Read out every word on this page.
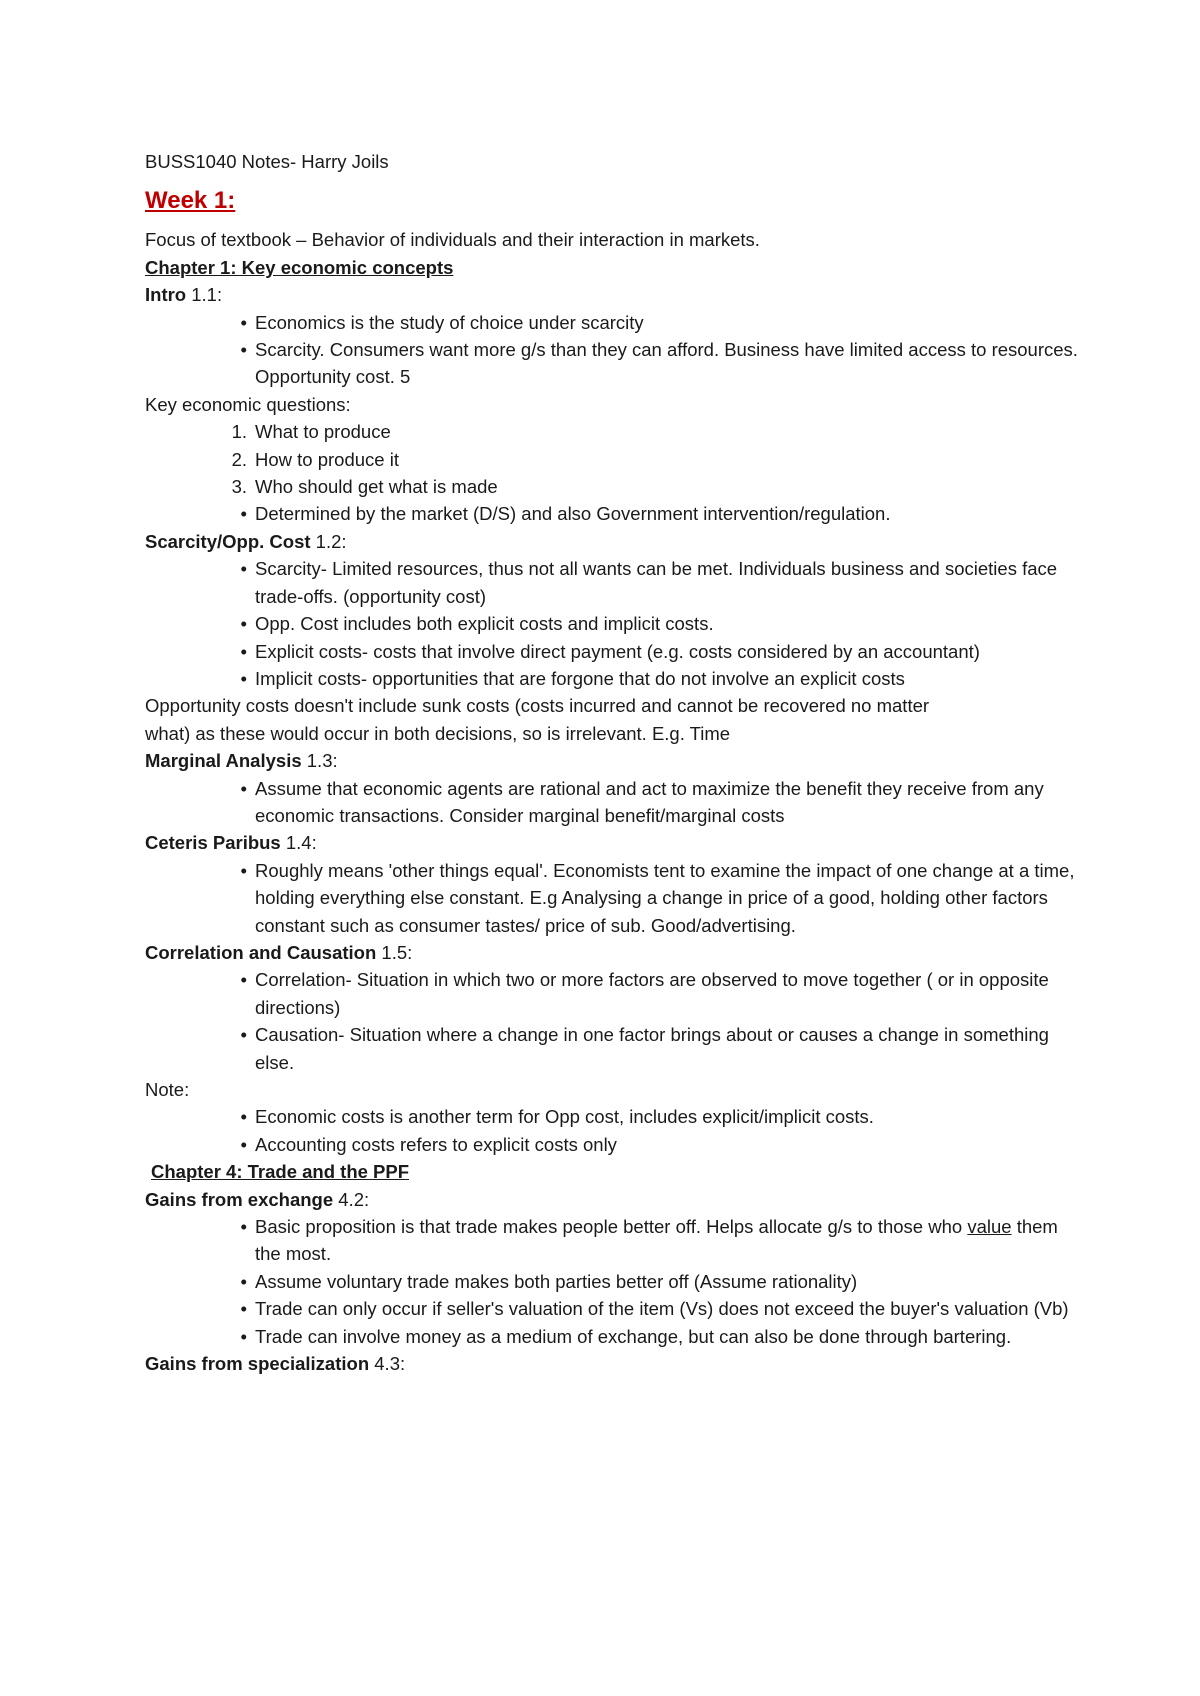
BUSS1040 Notes- Harry Joils

Week 1:

Focus of textbook – Behavior of individuals and their interaction in markets.

Chapter 1: Key economic concepts

Intro 1.1:

• Economics is the study of choice under scarcity
• Scarcity. Consumers want more g/s than they can afford. Business have limited access to resources. Opportunity cost. 5

Key economic questions:

1. What to produce
2. How to produce it
3. Who should get what is made
• Determined by the market (D/S) and also Government intervention/regulation.

Scarcity/Opp. Cost 1.2:

• Scarcity- Limited resources, thus not all wants can be met. Individuals business and societies face trade-offs. (opportunity cost)
• Opp. Cost includes both explicit costs and implicit costs.
• Explicit costs- costs that involve direct payment (e.g. costs considered by an accountant)
• Implicit costs- opportunities that are forgone that do not involve an explicit costs

Opportunity costs doesn't include sunk costs (costs incurred and cannot be recovered no matter

what) as these would occur in both decisions, so is irrelevant. E.g. Time

Marginal Analysis 1.3:

• Assume that economic agents are rational and act to maximize the benefit they receive from any economic transactions. Consider marginal benefit/marginal costs

Ceteris Paribus 1.4:

• Roughly means 'other things equal'. Economists tent to examine the impact of one change at a time, holding everything else constant. E.g Analysing a change in price of a good, holding other factors constant such as consumer tastes/ price of sub. Good/advertising.

Correlation and Causation 1.5:

• Correlation- Situation in which two or more factors are observed to move together ( or in opposite directions)
• Causation- Situation where a change in one factor brings about or causes a change in something else.

Note:

• Economic costs is another term for Opp cost, includes explicit/implicit costs.
• Accounting costs refers to explicit costs only

Chapter 4: Trade and the PPF

Gains from exchange 4.2:

• Basic proposition is that trade makes people better off. Helps allocate g/s to those who value them the most.
• Assume voluntary trade makes both parties better off (Assume rationality)
• Trade can only occur if seller's valuation of the item (Vs) does not exceed the buyer's valuation (Vb)
• Trade can involve money as a medium of exchange, but can also be done through bartering.

Gains from specialization 4.3:
